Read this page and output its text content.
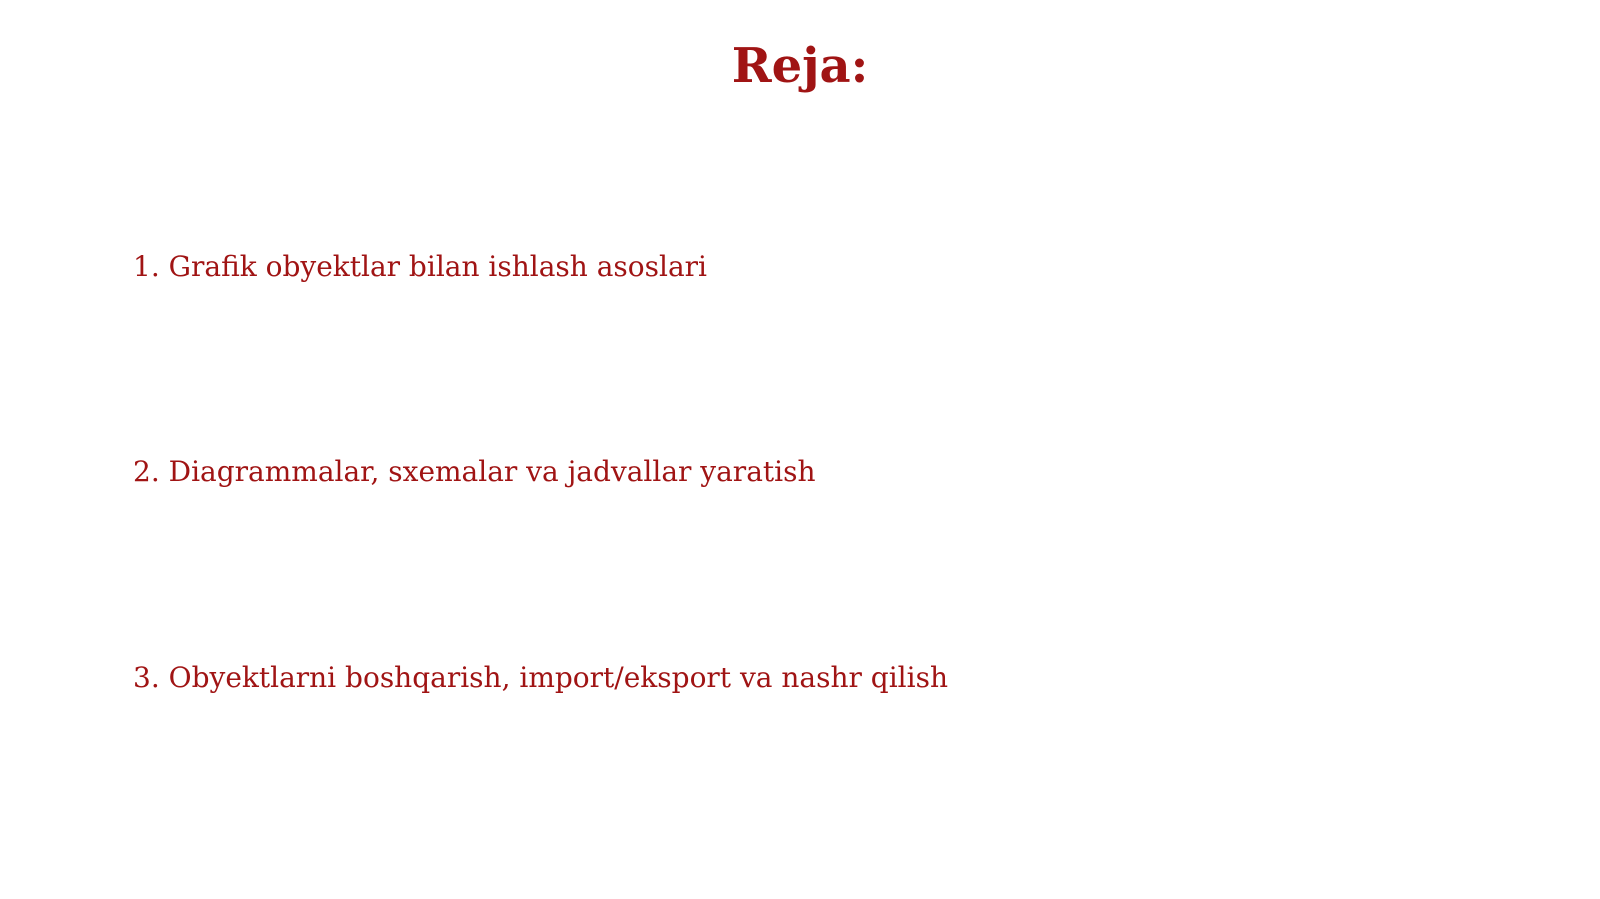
Reja:
1. Grafik obyektlar bilan ishlash asoslari
2. Diagrammalar, sxemalar va jadvallar yaratish
3. Obyektlarni boshqarish, import/eksport va nashr qilish
